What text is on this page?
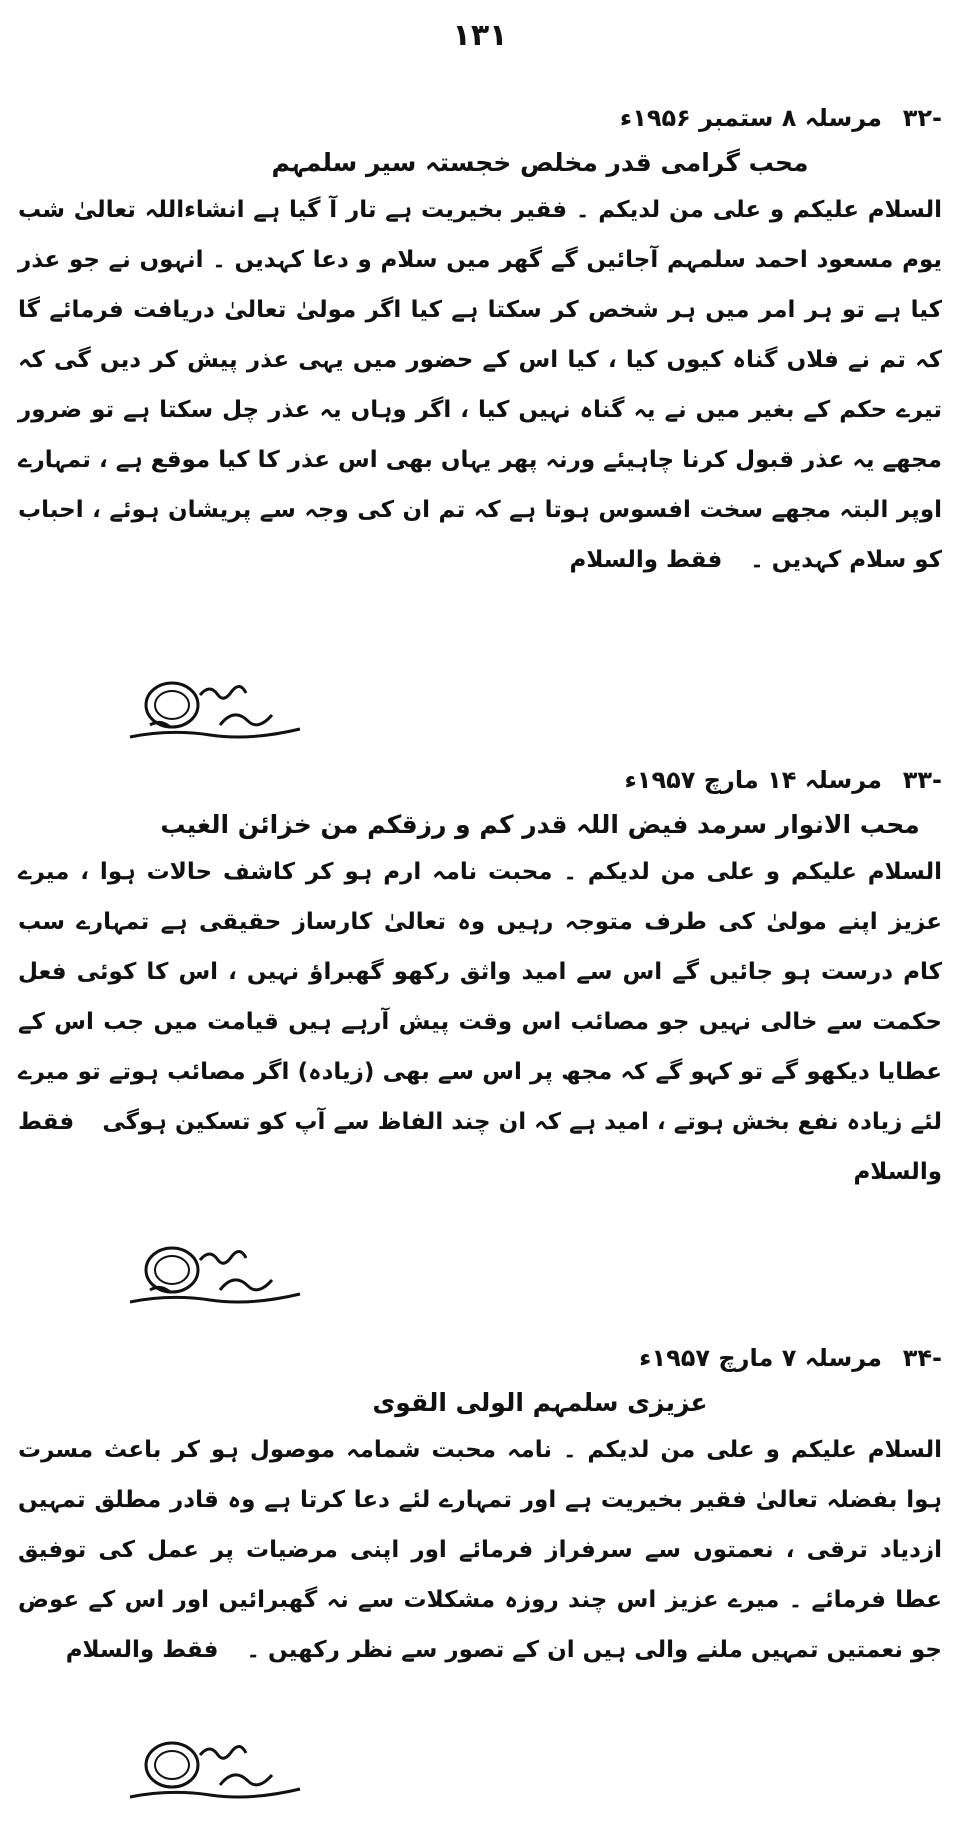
۱۳۱
-۳۲
مرسلہ ۸ ستمبر ۱۹۵۶ء
محب گرامی قدر مخلص خجستہ سیر سلمہم

السلام علیکم و علی من لدیکم ۔ فقیر بخیریت ہے تار آ گیا ہے انشاءاللہ تعالیٰ شب یوم مسعود احمد سلمہم آجائیں گے گھر میں سلام و دعا کہدیں ۔ انہوں نے جو عذر کیا ہے تو ہر امر میں ہر شخص کر سکتا ہے کیا اگر مولیٰ تعالیٰ دریافت فرمائے گا کہ تم نے فلاں گناہ کیوں کیا ، کیا اس کے حضور میں یہی عذر پیش کر دیں گی کہ تیرے حکم کے بغیر میں نے یہ گناہ نہیں کیا ، اگر وہاں یہ عذر چل سکتا ہے تو ضرور مجھے یہ عذر قبول کرنا چاہیئے ورنہ پھر یہاں بھی اس عذر کا کیا موقع ہے ، تمہارے اوپر البتہ مجھے سخت افسوس ہوتا ہے کہ تم ان کی وجہ سے پریشان ہوئے ، احباب کو سلام کہدیں ۔ فقط والسلام

-۳۳
مرسلہ ۱۴ مارچ ۱۹۵۷ء
محب الانوار سرمد فیض اللہ قدر کم و رزقکم من خزائن الغیب

السلام علیکم و علی من لدیکم ۔ محبت نامہ ارم ہو کر کاشف حالات ہوا ، میرے عزیز اپنے مولیٰ کی طرف متوجہ رہیں وہ تعالیٰ کارساز حقیقی ہے تمہارے سب کام درست ہو جائیں گے اس سے امید واثق رکھو گھبراؤ نہیں ، اس کا کوئی فعل حکمت سے خالی نہیں جو مصائب اس وقت پیش آرہے ہیں قیامت میں جب اس کے عطایا دیکھو گے تو کہو گے کہ مجھ پر اس سے بھی (زیادہ) اگر مصائب ہوتے تو میرے لئے زیادہ نفع بخش ہوتے ، امید ہے کہ ان چند الفاظ سے آپ کو تسکین ہوگی فقط والسلام

-۳۴
مرسلہ ۷ مارچ ۱۹۵۷ء
عزیزی سلمہم الولی القوی

السلام علیکم و علی من لدیکم ۔ نامہ محبت شمامہ موصول ہو کر باعث مسرت ہوا بفضلہ تعالیٰ فقیر بخیریت ہے اور تمہارے لئے دعا کرتا ہے وہ قادر مطلق تمہیں ازدیاد ترقی ، نعمتوں سے سرفراز فرمائے اور اپنی مرضیات پر عمل کی توفیق عطا فرمائے ۔ میرے عزیز اس چند روزہ مشکلات سے نہ گھبرائیں اور اس کے عوض جو نعمتیں تمہیں ملنے والی ہیں ان کے تصور سے نظر رکھیں ۔ فقط والسلام
